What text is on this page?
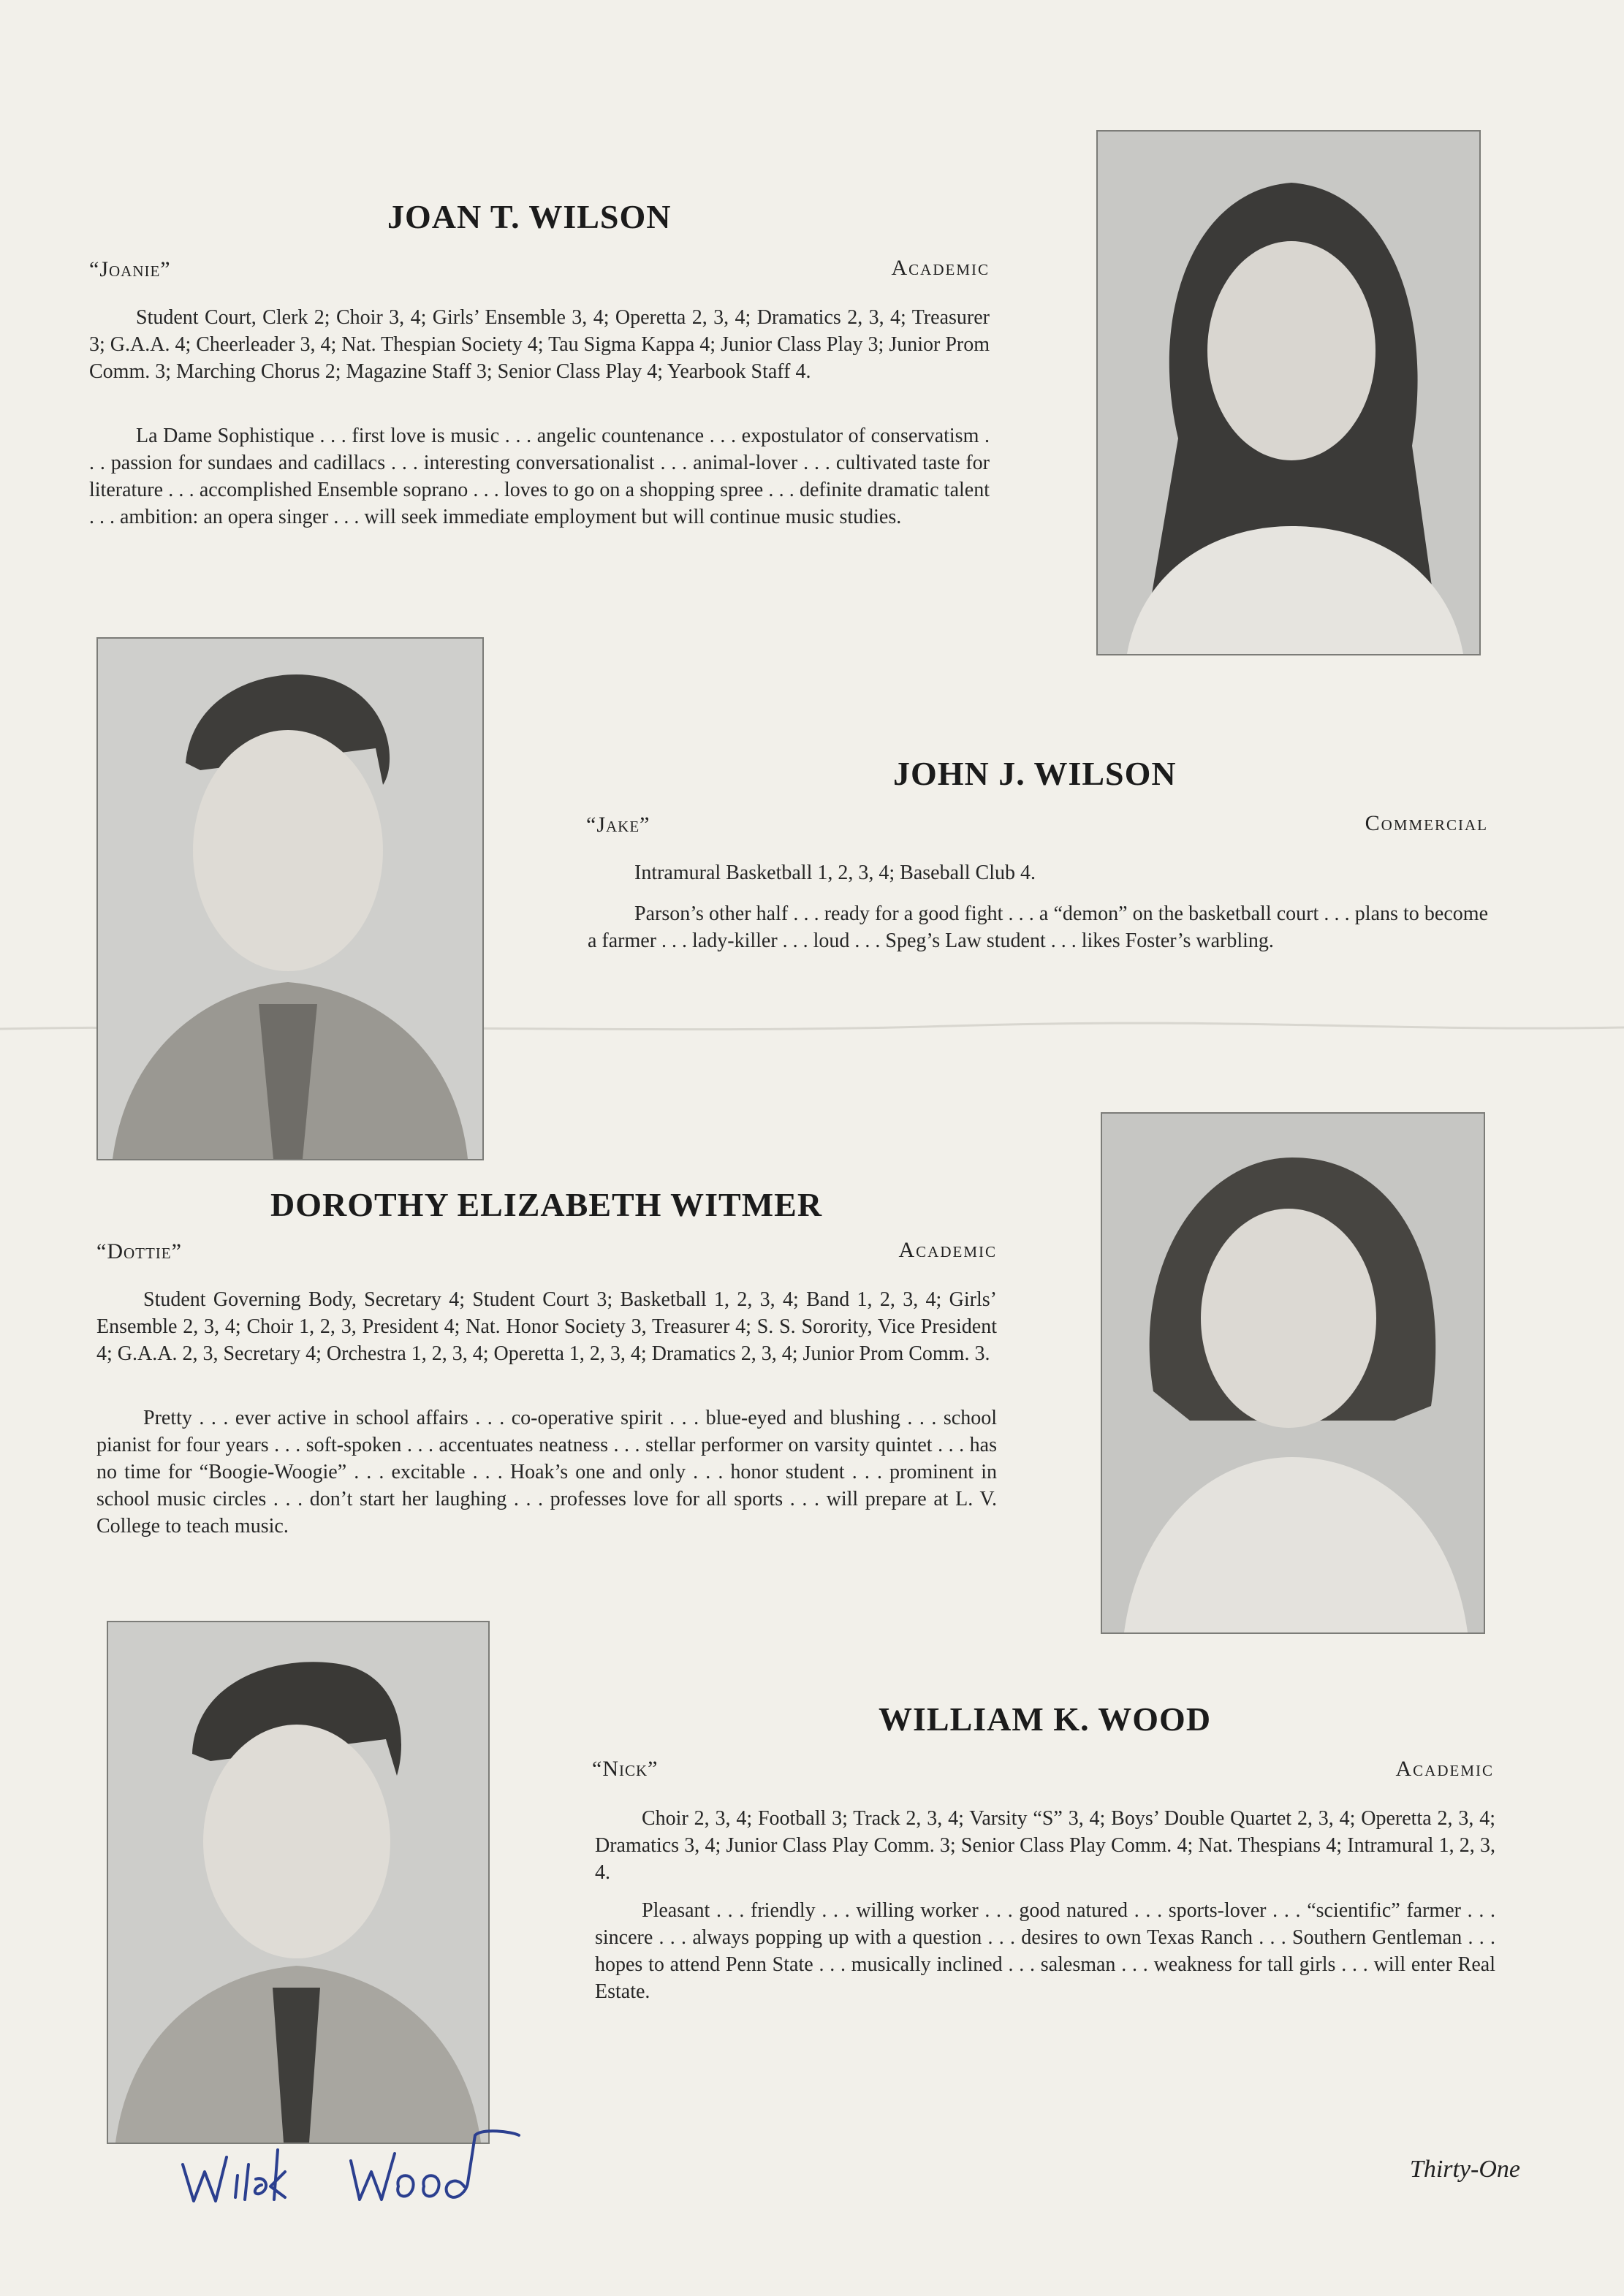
JOAN T. WILSON
“Joanie”	Academic
Student Court, Clerk 2; Choir 3, 4; Girls’ Ensemble 3, 4; Operetta 2, 3, 4; Dramatics 2, 3, 4; Treasurer 3; G.A.A. 4; Cheerleader 3, 4; Nat. Thespian Society 4; Tau Sigma Kappa 4; Junior Class Play 3; Junior Prom Comm. 3; Marching Chorus 2; Magazine Staff 3; Senior Class Play 4; Yearbook Staff 4.
La Dame Sophistique . . . first love is music . . . angelic countenance . . . expostulator of conservatism . . . passion for sundaes and cadillacs . . . interesting conversationalist . . . animal-lover . . . cultivated taste for literature . . . accomplished Ensemble soprano . . . loves to go on a shopping spree . . . definite dramatic talent . . . ambition: an opera singer . . . will seek immediate employment but will continue music studies.
JOHN J. WILSON
“Jake”	Commercial
Intramural Basketball 1, 2, 3, 4; Baseball Club 4.
Parson’s other half . . . ready for a good fight . . . a “demon” on the basketball court . . . plans to become a farmer . . . lady-killer . . . loud . . . Speg’s Law student . . . likes Foster’s warbling.
DOROTHY ELIZABETH WITMER
“Dottie”	Academic
Student Governing Body, Secretary 4; Student Court 3; Basketball 1, 2, 3, 4; Band 1, 2, 3, 4; Girls’ Ensemble 2, 3, 4; Choir 1, 2, 3, President 4; Nat. Honor Society 3, Treasurer 4; S. S. Sorority, Vice President 4; G.A.A. 2, 3, Secretary 4; Orchestra 1, 2, 3, 4; Operetta 1, 2, 3, 4; Dramatics 2, 3, 4; Junior Prom Comm. 3.
Pretty . . . ever active in school affairs . . . co-operative spirit . . . blue-eyed and blushing . . . school pianist for four years . . . soft-spoken . . . accentuates neatness . . . stellar performer on varsity quintet . . . has no time for “Boogie-Woogie” . . . excitable . . . Hoak’s one and only . . . honor student . . . prominent in school music circles . . . don’t start her laughing . . . professes love for all sports . . . will prepare at L. V. College to teach music.
WILLIAM K. WOOD
“Nick”	Academic
Choir 2, 3, 4; Football 3; Track 2, 3, 4; Varsity “S” 3, 4; Boys’ Double Quartet 2, 3, 4; Operetta 2, 3, 4; Dramatics 3, 4; Junior Class Play Comm. 3; Senior Class Play Comm. 4; Nat. Thespians 4; Intramural 1, 2, 3, 4.
Pleasant . . . friendly . . . willing worker . . . good natured . . . sports-lover . . . “scientific” farmer . . . sincere . . . always popping up with a question . . . desires to own Texas Ranch . . . Southern Gentleman . . . hopes to attend Penn State . . . musically inclined . . . salesman . . . weakness for tall girls . . . will enter Real Estate.
Thirty-One
